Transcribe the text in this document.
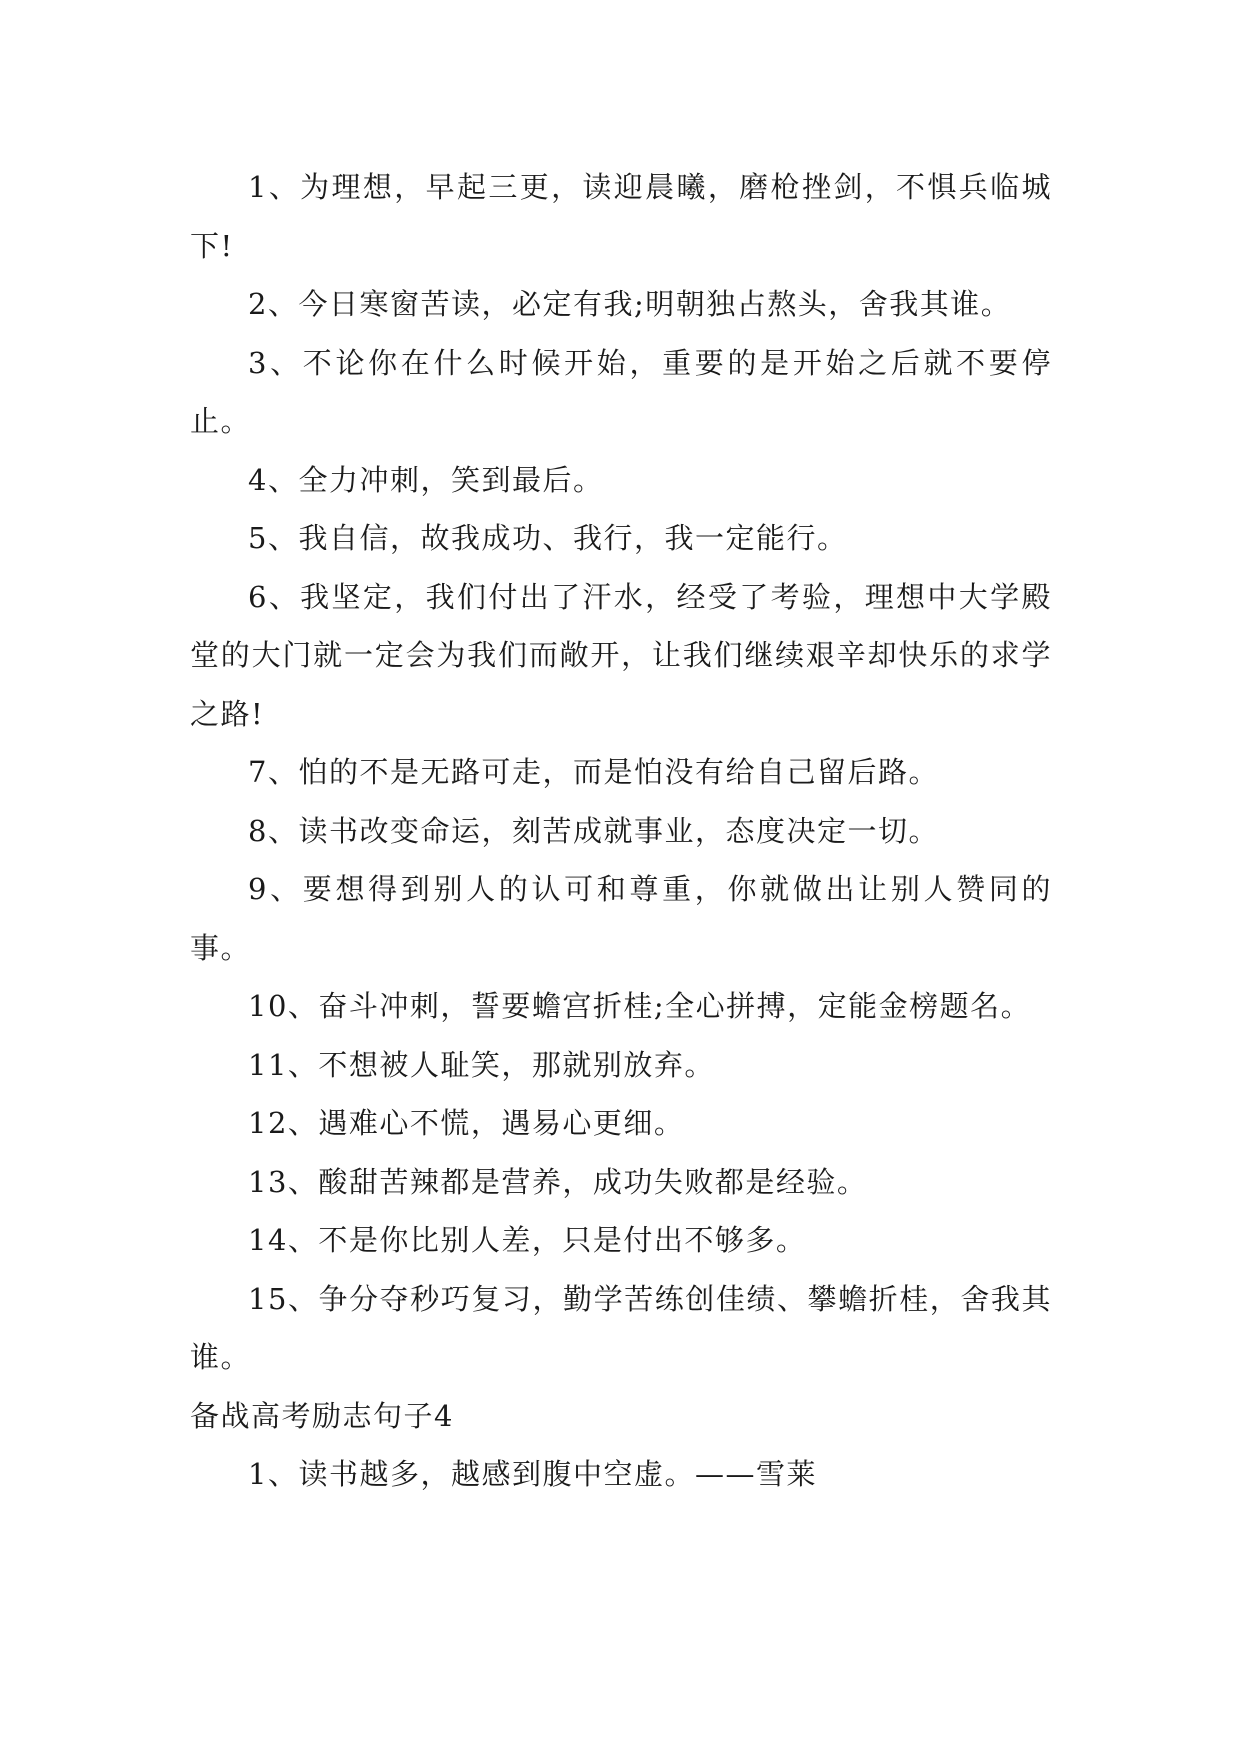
1、为理想，早起三更，读迎晨曦，磨枪挫剑，不惧兵临城下!

2、今日寒窗苦读，必定有我;明朝独占熬头，舍我其谁。

3、不论你在什么时候开始，重要的是开始之后就不要停止。

4、全力冲刺，笑到最后。

5、我自信，故我成功、我行，我一定能行。

6、我坚定，我们付出了汗水，经受了考验，理想中大学殿堂的大门就一定会为我们而敞开，让我们继续艰辛却快乐的求学之路!

7、怕的不是无路可走，而是怕没有给自己留后路。

8、读书改变命运，刻苦成就事业，态度决定一切。

9、要想得到别人的认可和尊重，你就做出让别人赞同的事。

10、奋斗冲刺，誓要蟾宫折桂;全心拼搏，定能金榜题名。

11、不想被人耻笑，那就别放弃。

12、遇难心不慌，遇易心更细。

13、酸甜苦辣都是营养，成功失败都是经验。

14、不是你比别人差，只是付出不够多。

15、争分夺秒巧复习，勤学苦练创佳绩、攀蟾折桂，舍我其谁。

备战高考励志句子4

1、读书越多，越感到腹中空虚。——雪莱
